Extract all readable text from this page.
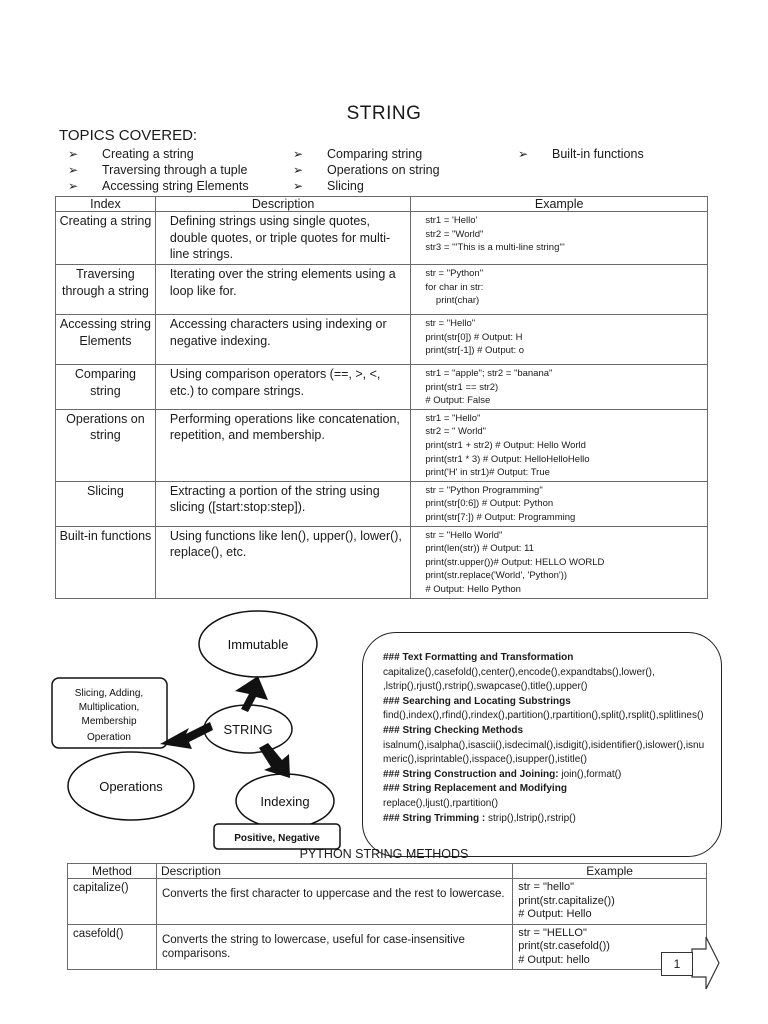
STRING
TOPICS COVERED:
➢ Creating a string
➢ Traversing through a tuple
➢ Accessing string Elements
➢ Comparing string
➢ Operations on string
➢ Slicing
➢ Built-in functions
Index	Description	Example
Creating a string	Defining strings using single quotes, double quotes, or triple quotes for multi-line strings.	str1 = 'Hello'
str2 = "World"
str3 = '''This is a multi-line string'''
Traversing through a string	Iterating over the string elements using a loop like for.	str = "Python"
for char in str:
print(char)
Accessing string Elements	Accessing characters using indexing or negative indexing.	str = "Hello"
print(str[0]) # Output: H
print(str[-1]) # Output: o
Comparing string	Using comparison operators (==, >, <, etc.) to compare strings.	str1 = "apple"; str2 = "banana"
print(str1 == str2)
# Output: False
Operations on string	Performing operations like concatenation, repetition, and membership.	str1 = "Hello"
str2 = " World"
print(str1 + str2) # Output: Hello World
print(str1 * 3) # Output: HelloHelloHello
print('H' in str1)# Output: True
Slicing	Extracting a portion of the string using slicing ([start:stop:step]).	str = "Python Programming"
print(str[0:6]) # Output: Python
print(str[7:]) # Output: Programming
Built-in functions	Using functions like len(), upper(), lower(), replace(), etc.	str = "Hello World"
print(len(str)) # Output: 11
print(str.upper())# Output: HELLO WORLD
print(str.replace('World', 'Python'))
# Output: Hello Python
Immutable
STRING
Operations
Indexing
Slicing, Adding,
Multiplication,
Membership
Operation
Positive, Negative

### Text Formatting and Transformation

capitalize(),casefold(),center(),encode(),expandtabs(),lower(),
,lstrip(),rjust(),rstrip(),swapcase(),title(),upper()

### Searching and Locating Substrings

find(),index(),rfind(),rindex(),partition(),rpartition(),split(),rsplit(),splitlines()

### String Checking Methods

isalnum(),isalpha(),isascii(),isdecimal(),isdigit(),isidentifier(),islower(),isnumeric(),isprintable(),isspace(),isupper(),istitle()

### String Construction and Joining: join(),format()

### String Replacement and Modifying

replace(),ljust(),rpartition()

### String Trimming : strip(),lstrip(),rstrip()

PYTHON STRING METHODS
Method	Description	Example
capitalize()	Converts the first character to uppercase and the rest to lowercase.	str = "hello"
print(str.capitalize())
# Output: Hello
casefold()	Converts the string to lowercase, useful for case-insensitive comparisons.	str = "HELLO"
print(str.casefold())
# Output: hello	1
